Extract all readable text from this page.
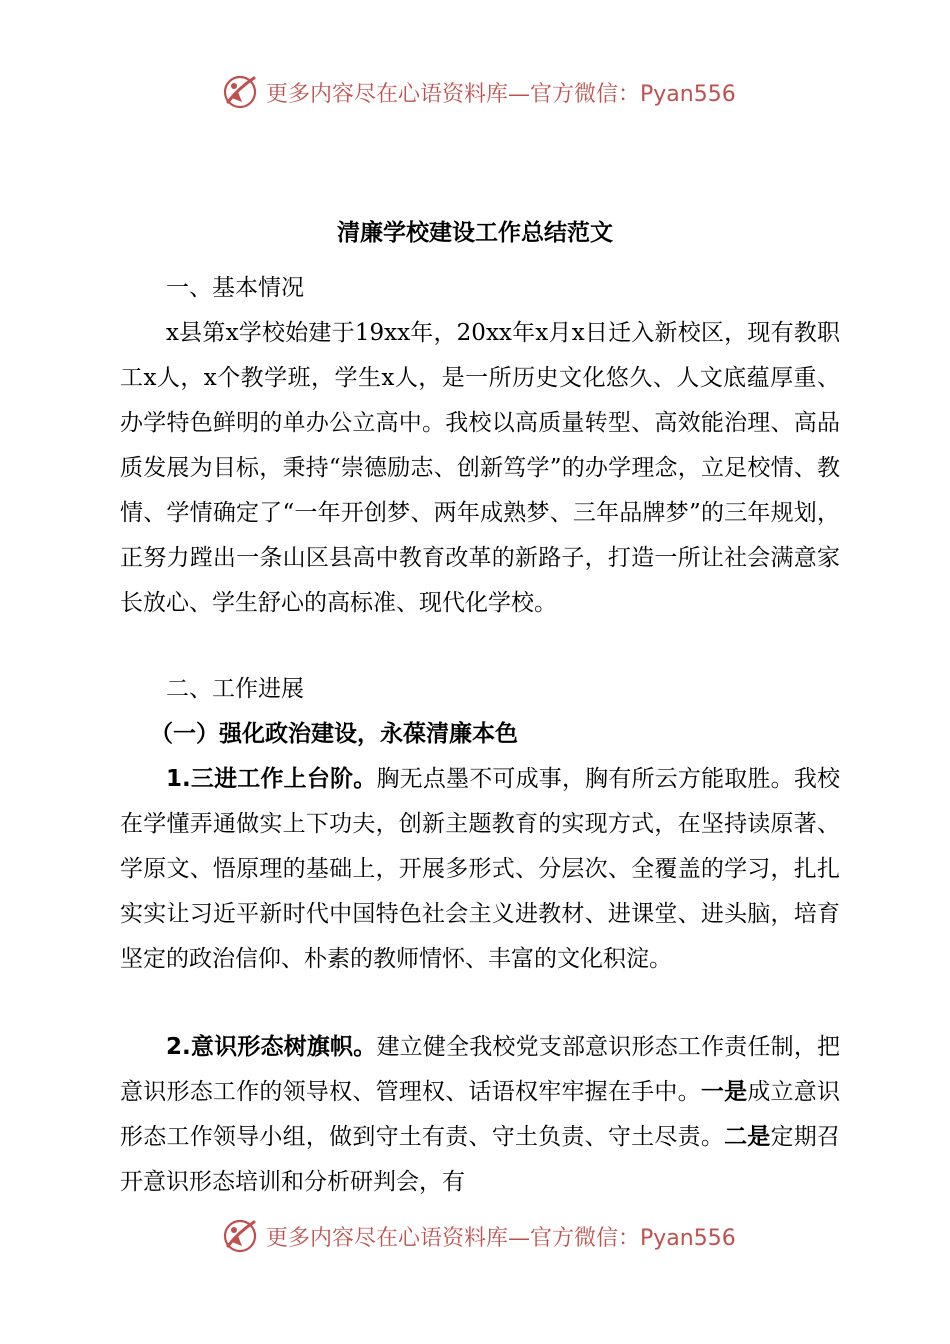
更多内容尽在心语资料库—官方微信：Pyan556
清廉学校建设工作总结范文
一、基本情况
x县第x学校始建于19xx年，20xx年x月x日迁入新校区，现有教职工x人，x个教学班，学生x人，是一所历史文化悠久、人文底蕴厚重、办学特色鲜明的单办公立高中。我校以高质量转型、高效能治理、高品质发展为目标，秉持“崇德励志、创新笃学”的办学理念，立足校情、教情、学情确定了“一年开创梦、两年成熟梦、三年品牌梦”的三年规划，正努力蹚出一条山区县高中教育改革的新路子，打造一所让社会满意家长放心、学生舒心的高标准、现代化学校。
二、工作进展
（一）强化政治建设，永葆清廉本色
1.三进工作上台阶。胸无点墨不可成事，胸有所云方能取胜。我校在学懂弄通做实上下功夫，创新主题教育的实现方式，在坚持读原著、学原文、悟原理的基础上，开展多形式、分层次、全覆盖的学习，扎扎实实让习近平新时代中国特色社会主义进教材、进课堂、进头脑，培育坚定的政治信仰、朴素的教师情怀、丰富的文化积淀。
2.意识形态树旗帜。建立健全我校党支部意识形态工作责任制，把意识形态工作的领导权、管理权、话语权牢牢握在手中。一是成立意识形态工作领导小组，做到守土有责、守土负责、守土尽责。二是定期召开意识形态培训和分析研判会，有
更多内容尽在心语资料库—官方微信：Pyan556
